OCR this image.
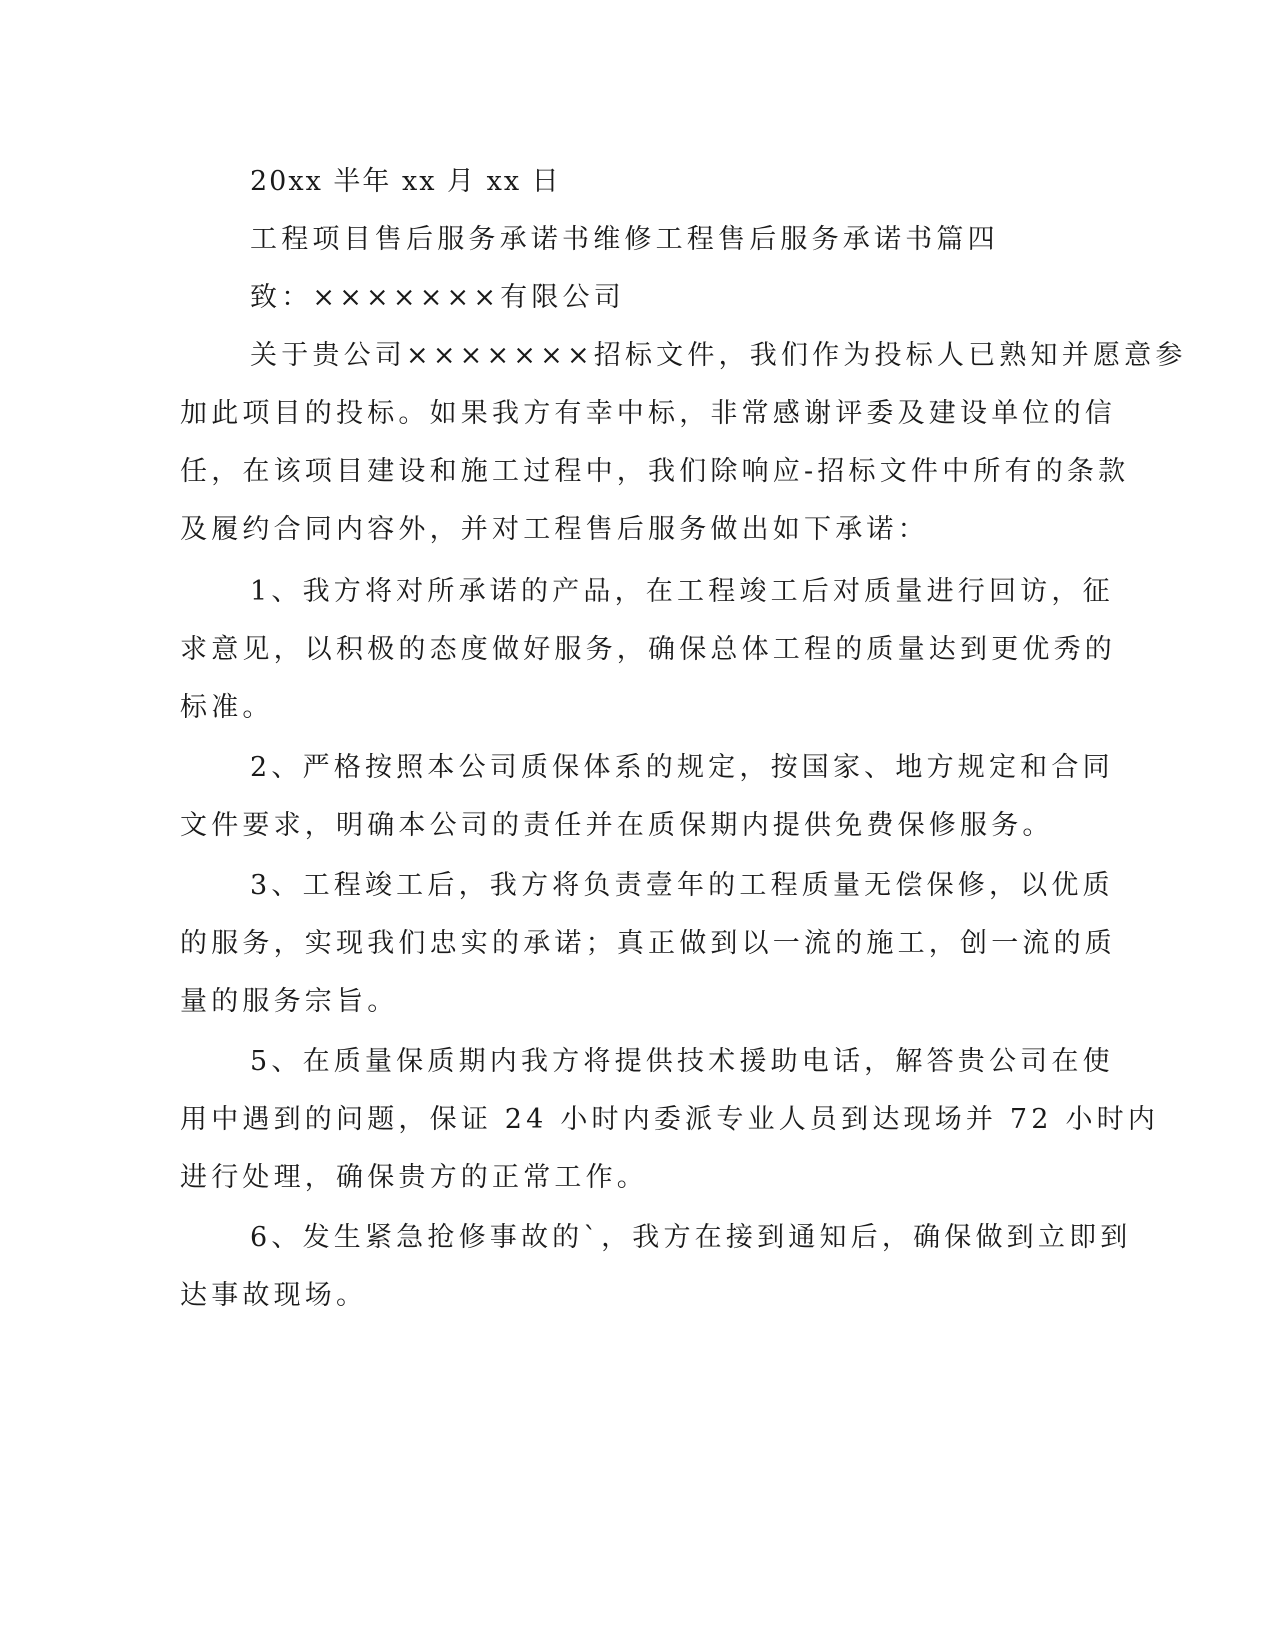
20xx 半年 xx 月 xx 日
工程项目售后服务承诺书维修工程售后服务承诺书篇四
致：×××××××有限公司
关于贵公司×××××××招标文件，我们作为投标人已熟知并愿意参
加此项目的投标。如果我方有幸中标，非常感谢评委及建设单位的信
任，在该项目建设和施工过程中，我们除响应-招标文件中所有的条款
及履约合同内容外，并对工程售后服务做出如下承诺：
1、我方将对所承诺的产品，在工程竣工后对质量进行回访，征
求意见，以积极的态度做好服务，确保总体工程的质量达到更优秀的
标准。
2、严格按照本公司质保体系的规定，按国家、地方规定和合同
文件要求，明确本公司的责任并在质保期内提供免费保修服务。
3、工程竣工后，我方将负责壹年的工程质量无偿保修，以优质
的服务，实现我们忠实的承诺；真正做到以一流的施工，创一流的质
量的服务宗旨。
5、在质量保质期内我方将提供技术援助电话，解答贵公司在使
用中遇到的问题，保证 24 小时内委派专业人员到达现场并 72 小时内
进行处理，确保贵方的正常工作。
6、发生紧急抢修事故的`，我方在接到通知后，确保做到立即到
达事故现场。
